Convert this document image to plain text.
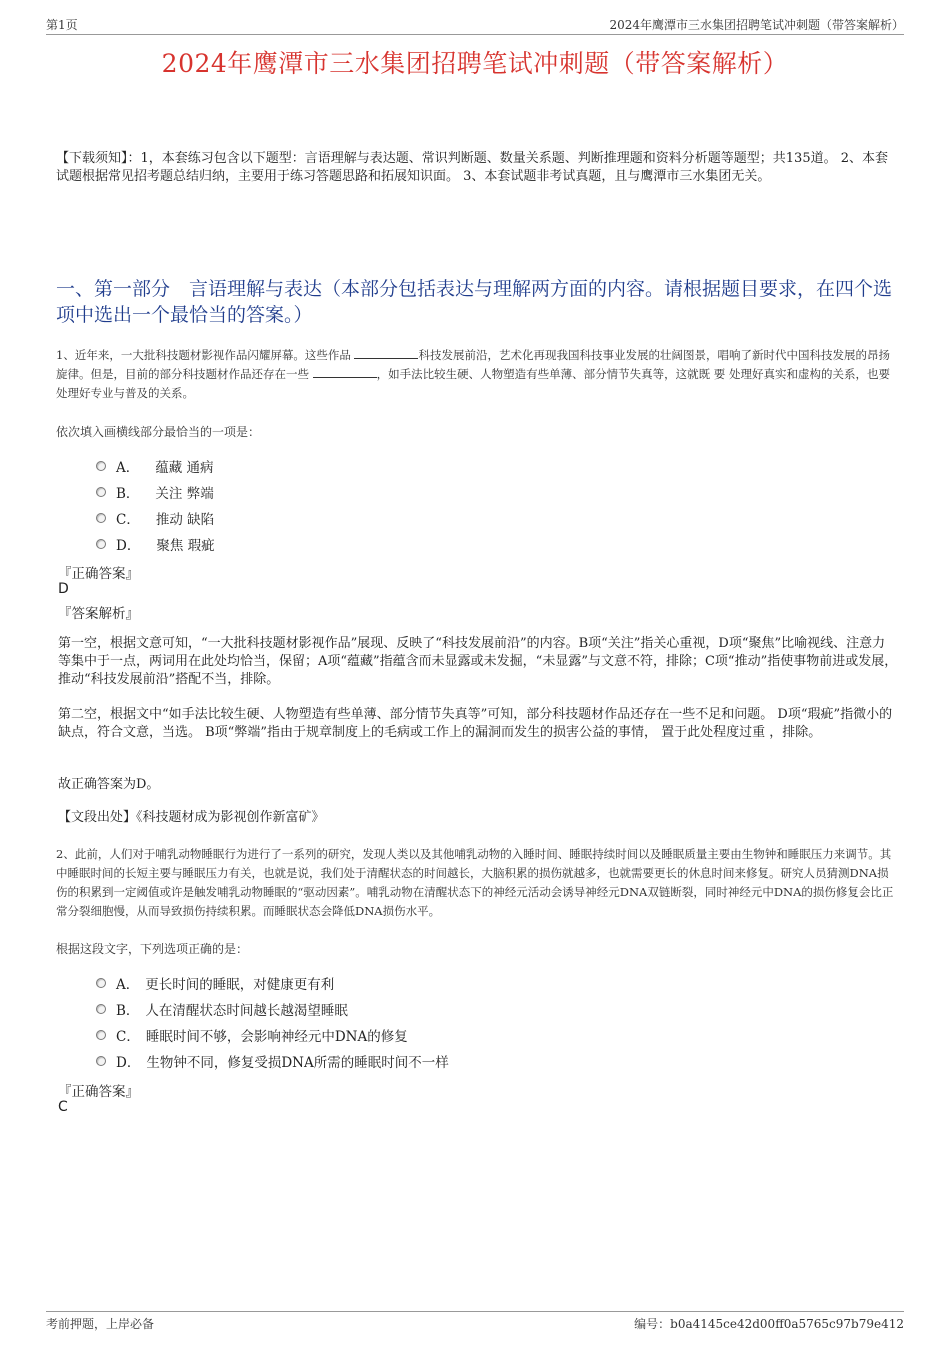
第1页	2024年鹰潭市三水集团招聘笔试冲刺题（带答案解析）
2024年鹰潭市三水集团招聘笔试冲刺题（带答案解析）
【下载须知】：1，本套练习包含以下题型：言语理解与表达题、常识判断题、数量关系题、判断推理题和资料分析题等题型；共135道。 2、本套试题根据常见招考题总结归纳，主要用于练习答题思路和拓展知识面。 3、本套试题非考试真题，且与鹰潭市三水集团无关。
一、第一部分　言语理解与表达（本部分包括表达与理解两方面的内容。请根据题目要求，在四个选项中选出一个最恰当的答案。）
1、近年来，一大批科技题材影视作品闪耀屏幕。这些作品	科技发展前沿，艺术化再现我国科技事业发展的壮阔图景，唱响了新时代中国科技发展的昂扬旋律。但是，目前的部分科技题材作品还存在一些	，如手法比较生硬、人物塑造有些单薄、部分情节失真等，这就既 要 处理好真实和虚构的关系，也要处理好专业与普及的关系。
依次填入画横线部分最恰当的一项是：
A． 蕴藏 通病
B． 关注 弊端
C． 推动 缺陷
D． 聚焦 瑕疵
『正确答案』
D
『答案解析』
第一空，根据文意可知，“一大批科技题材影视作品”展现、反映了“科技发展前沿”的内容。B项“关注”指关心重视，D项“聚焦”比喻视线、注意力等集中于一点，两词用在此处均恰当，保留；A项“蕴藏”指蕴含而未显露或未发掘，“未显露”与文意不符，排除；C项“推动”指使事物前进或发展，推动“科技发展前沿”搭配不当，排除。
第二空，根据文中“如手法比较生硬、人物塑造有些单薄、部分情节失真等”可知，部分科技题材作品还存在一些不足和问题。 D项“瑕疵”指微小的缺点，符合文意，当选。 B项“弊端”指由于规章制度上的毛病或工作上的漏洞而发生的损害公益的事情， 置于此处程度过重 ，排除。
故正确答案为D。
【文段出处】《科技题材成为影视创作新富矿》
2、此前，人们对于哺乳动物睡眠行为进行了一系列的研究，发现人类以及其他哺乳动物的入睡时间、睡眠持续时间以及睡眠质量主要由生物钟和睡眠压力来调节。其中睡眠时间的长短主要与睡眠压力有关，也就是说，我们处于清醒状态的时间越长，大脑积累的损伤就越多，也就需要更长的休息时间来修复。研究人员猜测DNA损伤的积累到一定阈值或许是触发哺乳动物睡眠的“驱动因素”。哺乳动物在清醒状态下的神经元活动会诱导神经元DNA双链断裂，同时神经元中DNA的损伤修复会比正常分裂细胞慢，从而导致损伤持续积累。而睡眠状态会降低DNA损伤水平。
根据这段文字，下列选项正确的是：
A． 更长时间的睡眠，对健康更有利
B． 人在清醒状态时间越长越渴望睡眠
C． 睡眠时间不够，会影响神经元中DNA的修复
D． 生物钟不同，修复受损DNA所需的睡眠时间不一样
『正确答案』
C
考前押题，上岸必备	编号：b0a4145ce42d00ff0a5765c97b79e412
